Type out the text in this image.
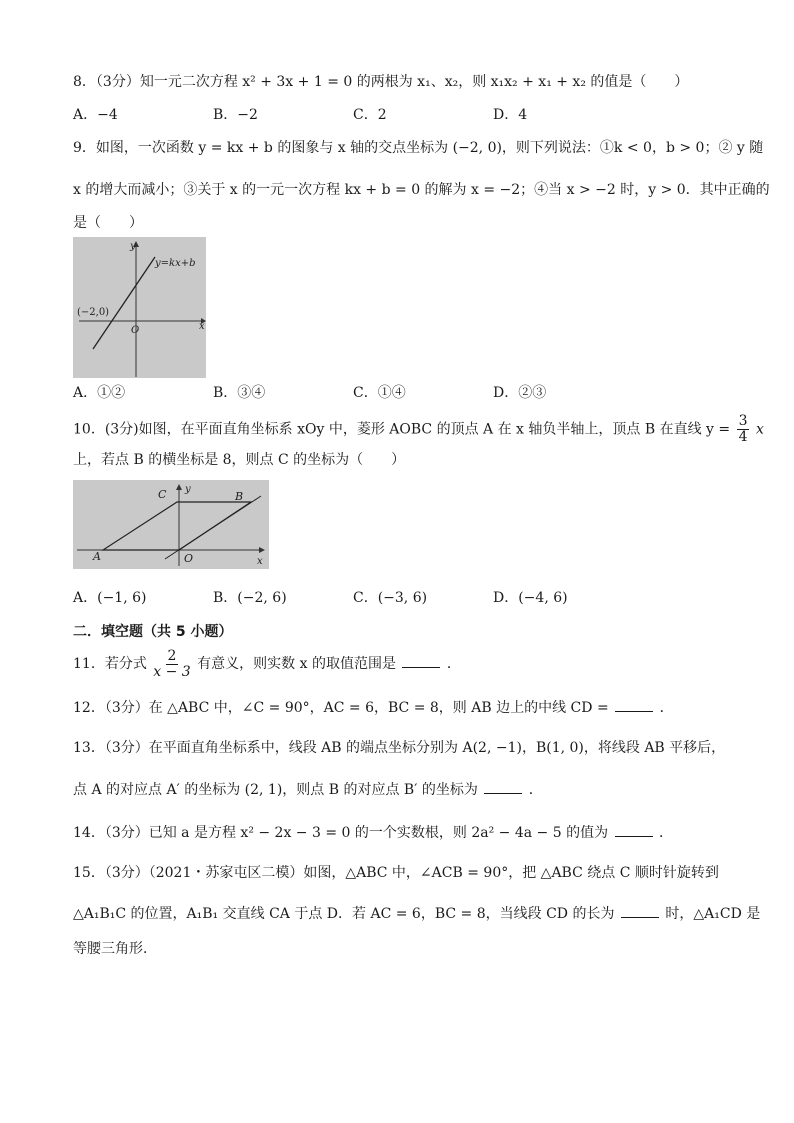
8．（3分）知一元二次方程 x² + 3x + 1 = 0 的两根为 x₁、x₂，则 x₁x₂ + x₁ + x₂ 的值是（　　）
A．−4	B．−2	C．2	D．4
9．如图，一次函数 y = kx + b 的图象与 x 轴的交点坐标为 (−2, 0)，则下列说法：①k < 0，b > 0；② y 随
x 的增大而减小；③关于 x 的一元一次方程 kx + b = 0 的解为 x = −2；④当 x > −2 时，y > 0．其中正确的
是（　　）
x
y
O
y=kx+b
(−2,0)
A．①②	B．③④	C．①④	D．②③
10．(3分)如图，在平面直角坐标系 xOy 中，菱形 AOBC 的顶点 A 在 x 轴负半轴上，顶点 B 在直线 $y = \frac{3}{4}$ x
上，若点 B 的横坐标是 8，则点 C 的坐标为（　　）
A	O
B
C y
x
A．(−1, 6)	B．(−2, 6)	C．(−3, 6)	D．(−4, 6)
二．填空题（共 5 小题）
11．若分式 $\frac{2}{x - 3}$ 有意义，则实数 x 的取值范围是	．
12．（3分）在 △ABC 中，∠C = 90°，AC = 6，BC = 8，则 AB 边上的中线 CD =	．
13．（3分）在平面直角坐标系中，线段 AB 的端点坐标分别为 A(2, −1)，B(1, 0)，将线段 AB 平移后，
点 A 的对应点 A′ 的坐标为 (2, 1)，则点 B 的对应点 B′ 的坐标为	．
14．（3分）已知 a 是方程 x² − 2x − 3 = 0 的一个实数根，则 2a² − 4a − 5 的值为	．
15．（3分）（2021・苏家屯区二模）如图，△ABC 中，∠ACB = 90°，把 △ABC 绕点 C 顺时针旋转到
△A₁B₁C 的位置，A₁B₁ 交直线 CA 于点 D．若 AC = 6，BC = 8，当线段 CD 的长为	时，△A₁CD 是
等腰三角形．
